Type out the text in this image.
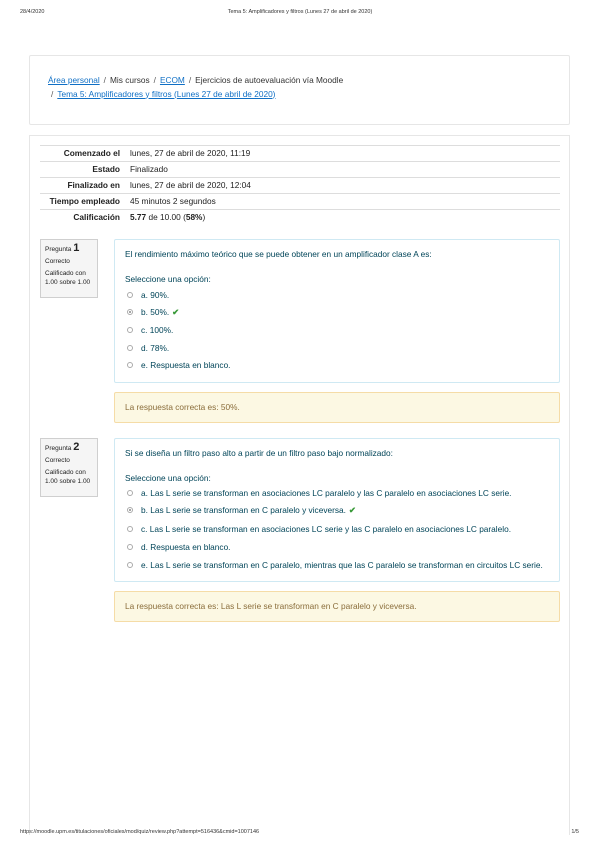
28/4/2020	Tema 5: Amplificadores y filtros (Lunes 27 de abril de 2020)
Área personal / Mis cursos / ECOM / Ejercicios de autoevaluación vía Moodle
/ Tema 5: Amplificadores y filtros (Lunes 27 de abril de 2020)
Comenzado el	lunes, 27 de abril de 2020, 11:19
Estado	Finalizado
Finalizado en	lunes, 27 de abril de 2020, 12:04
Tiempo empleado	45 minutos 2 segundos
Calificación	5.77 de 10.00 (58%)
Pregunta 1
Correcto
Calificado con 1.00 sobre 1.00
El rendimiento máximo teórico que se puede obtener en un amplificador clase A es:
Seleccione una opción:
a. 90%.
b. 50%. ✔
c. 100%.
d. 78%.
e. Respuesta en blanco.
La respuesta correcta es: 50%.
Pregunta 2
Correcto
Calificado con 1.00 sobre 1.00
Si se diseña un filtro paso alto a partir de un filtro paso bajo normalizado:
Seleccione una opción:
a. Las L serie se transforman en asociaciones LC paralelo y las C paralelo en asociaciones LC serie.
b. Las L serie se transforman en C paralelo y viceversa. ✔
c. Las L serie se transforman en asociaciones LC serie y las C paralelo en asociaciones LC paralelo.
d. Respuesta en blanco.
e. Las L serie se transforman en C paralelo, mientras que las C paralelo se transforman en circuitos LC serie.
La respuesta correcta es: Las L serie se transforman en C paralelo y viceversa.
https://moodle.upm.es/titulaciones/oficiales/mod/quiz/review.php?attempt=516436&cmid=1007146	1/5
